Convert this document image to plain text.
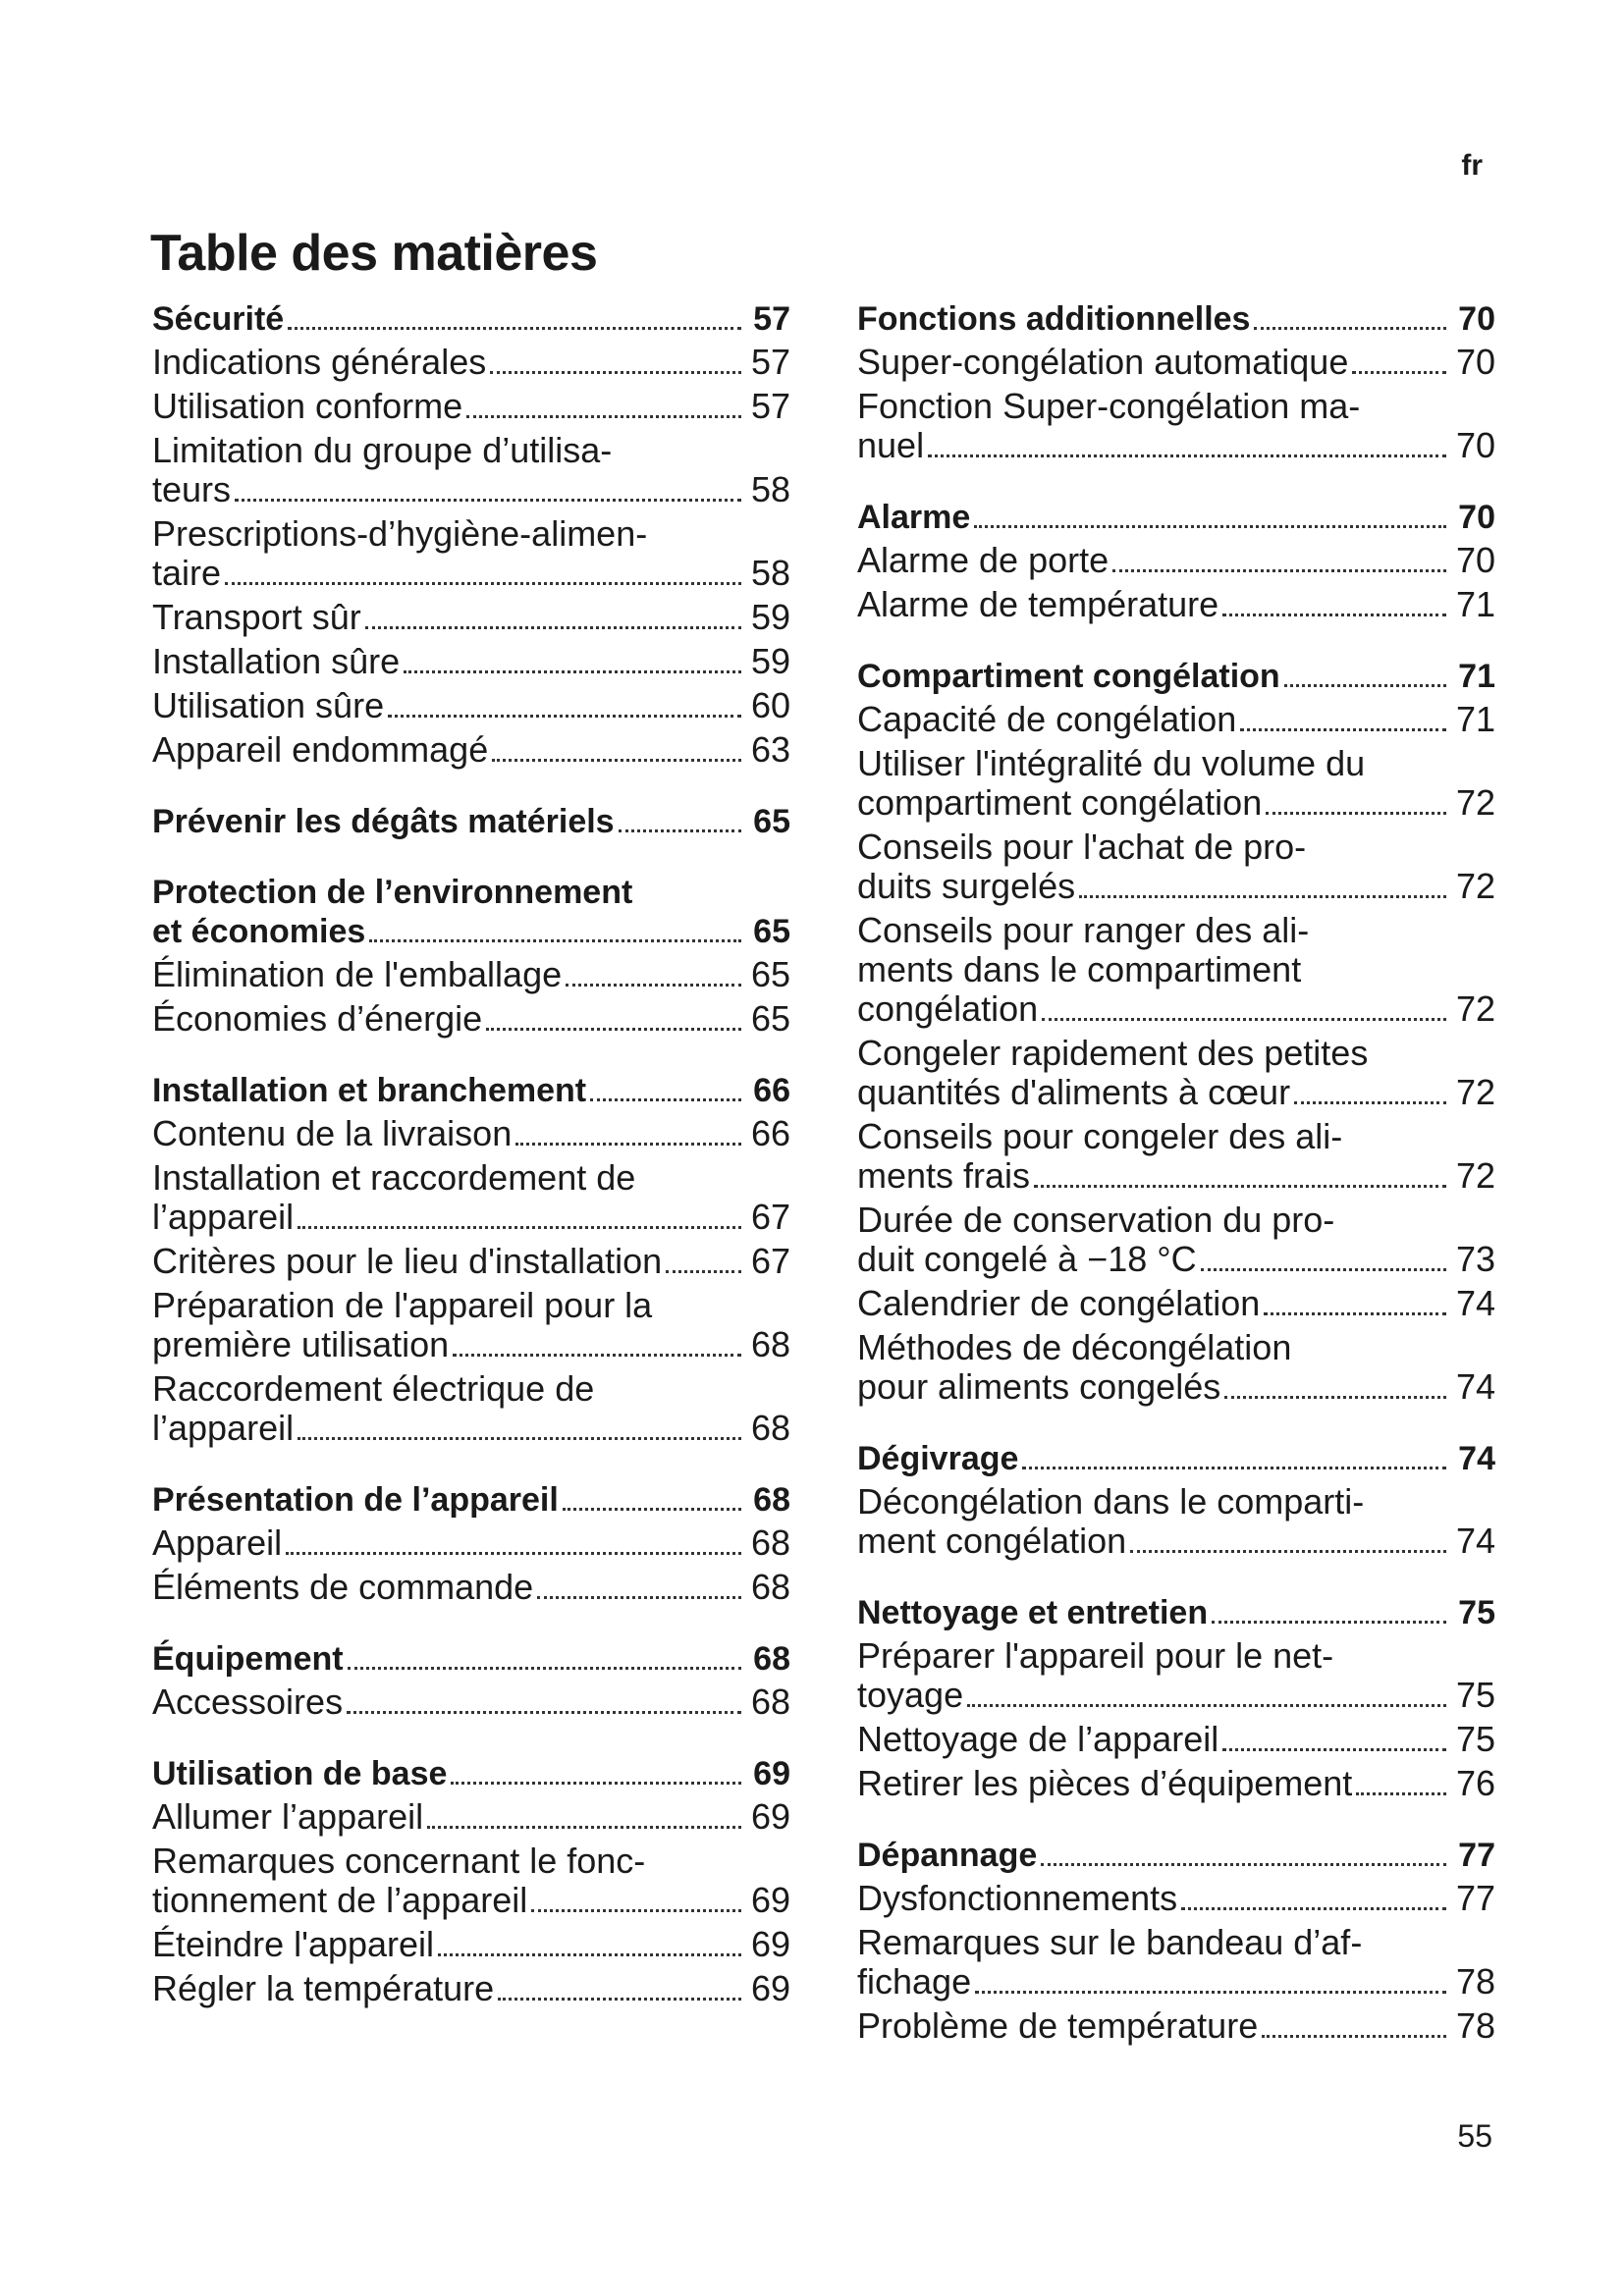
fr
Table des matières
Sécurité	57
Indications générales	57
Utilisation conforme	57
Limitation du groupe d’utilisa-
teurs	58
Prescriptions-d’hygiène-alimen-
taire	58
Transport sûr	59
Installation sûre	59
Utilisation sûre	60
Appareil endommagé	63
Prévenir les dégâts matériels	65
Protection de l’environnement
et économies	65
Élimination de l'emballage	65
Économies d’énergie	65
Installation et branchement	66
Contenu de la livraison	66
Installation et raccordement de
l’appareil	67
Critères pour le lieu d'installation	67
Préparation de l'appareil pour la
première utilisation	68
Raccordement électrique de
l’appareil	68
Présentation de l’appareil	68
Appareil	68
Éléments de commande	68
Équipement	68
Accessoires	68
Utilisation de base	69
Allumer l’appareil	69
Remarques concernant le fonc-
tionnement de l’appareil	69
Éteindre l'appareil	69
Régler la température	69
Fonctions additionnelles	70
Super-congélation automatique	70
Fonction Super-congélation ma-
nuel	70
Alarme	70
Alarme de porte	70
Alarme de température	71
Compartiment congélation	71
Capacité de congélation	71
Utiliser l'intégralité du volume du
compartiment congélation	72
Conseils pour l'achat de pro-
duits surgelés	72
Conseils pour ranger des ali-
ments dans le compartiment
congélation	72
Congeler rapidement des petites
quantités d'aliments à cœur	72
Conseils pour congeler des ali-
ments frais	72
Durée de conservation du pro-
duit congelé à −18 °C	73
Calendrier de congélation	74
Méthodes de décongélation
pour aliments congelés	74
Dégivrage	74
Décongélation dans le comparti-
ment congélation	74
Nettoyage et entretien	75
Préparer l'appareil pour le net-
toyage	75
Nettoyage de l’appareil	75
Retirer les pièces d’équipement	76
Dépannage	77
Dysfonctionnements	77
Remarques sur le bandeau d’af-
fichage	78
Problème de température	78
55
